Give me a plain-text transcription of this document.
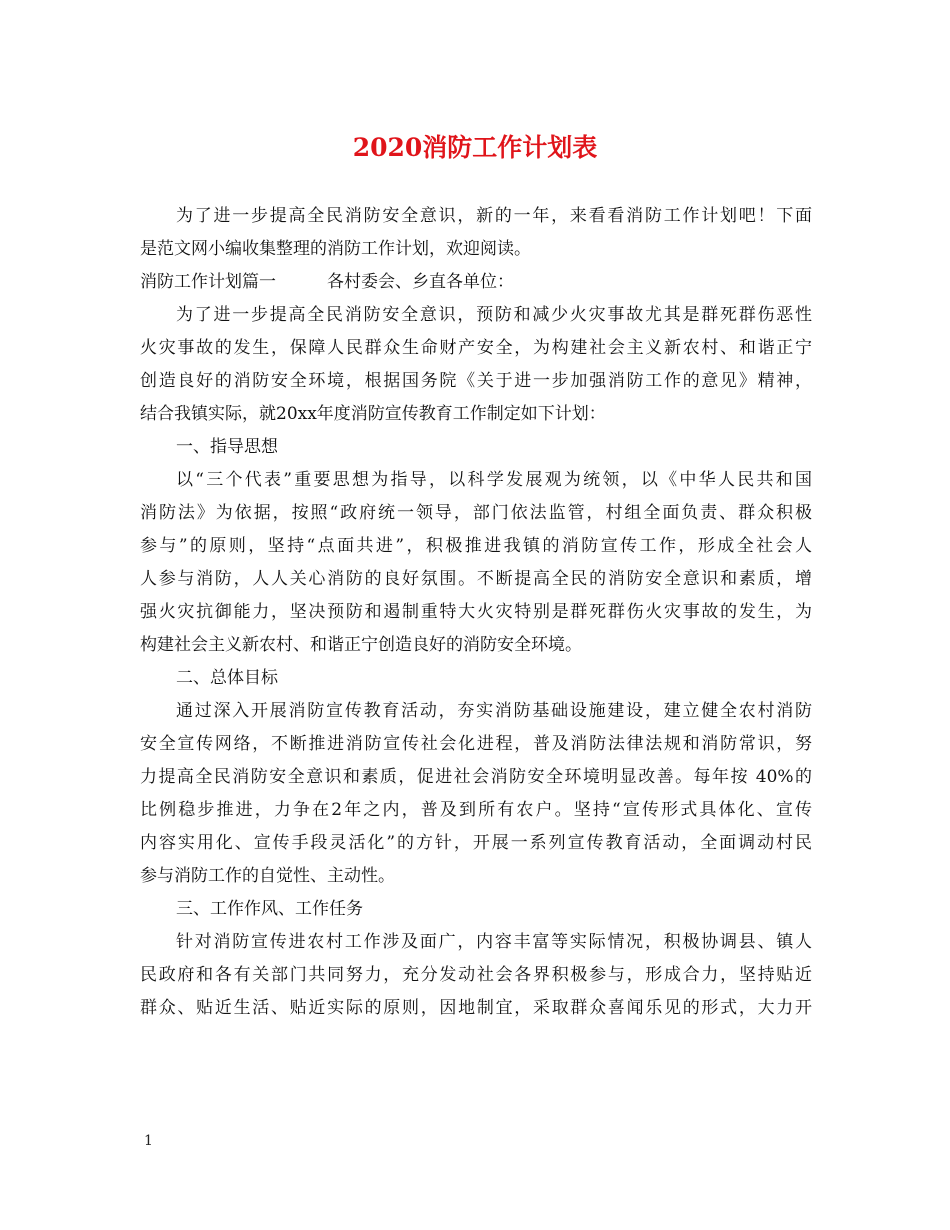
2020消防工作计划表
为了进一步提高全民消防安全意识，新的一年，来看看消防工作计划吧！下面
是范文网小编收集整理的消防工作计划，欢迎阅读。
消防工作计划篇一　　　各村委会、乡直各单位：
为了进一步提高全民消防安全意识，预防和减少火灾事故尤其是群死群伤恶性
火灾事故的发生，保障人民群众生命财产安全，为构建社会主义新农村、和谐正宁
创造良好的消防安全环境，根据国务院《关于进一步加强消防工作的意见》精神，
结合我镇实际，就20xx年度消防宣传教育工作制定如下计划：
一、指导思想
以“三个代表”重要思想为指导，以科学发展观为统领，以《中华人民共和国
消防法》为依据，按照“政府统一领导，部门依法监管，村组全面负责、群众积极
参与”的原则，坚持“点面共进”，积极推进我镇的消防宣传工作，形成全社会人
人参与消防，人人关心消防的良好氛围。不断提高全民的消防安全意识和素质，增
强火灾抗御能力，坚决预防和遏制重特大火灾特别是群死群伤火灾事故的发生，为
构建社会主义新农村、和谐正宁创造良好的消防安全环境。
二、总体目标
通过深入开展消防宣传教育活动，夯实消防基础设施建设，建立健全农村消防
安全宣传网络，不断推进消防宣传社会化进程，普及消防法律法规和消防常识，努
力提高全民消防安全意识和素质，促进社会消防安全环境明显改善。每年按 40%的
比例稳步推进，力争在2年之内，普及到所有农户。坚持“宣传形式具体化、宣传
内容实用化、宣传手段灵活化”的方针，开展一系列宣传教育活动，全面调动村民
参与消防工作的自觉性、主动性。
三、工作作风、工作任务
针对消防宣传进农村工作涉及面广，内容丰富等实际情况，积极协调县、镇人
民政府和各有关部门共同努力，充分发动社会各界积极参与，形成合力，坚持贴近
群众、贴近生活、贴近实际的原则，因地制宜，采取群众喜闻乐见的形式，大力开
1
